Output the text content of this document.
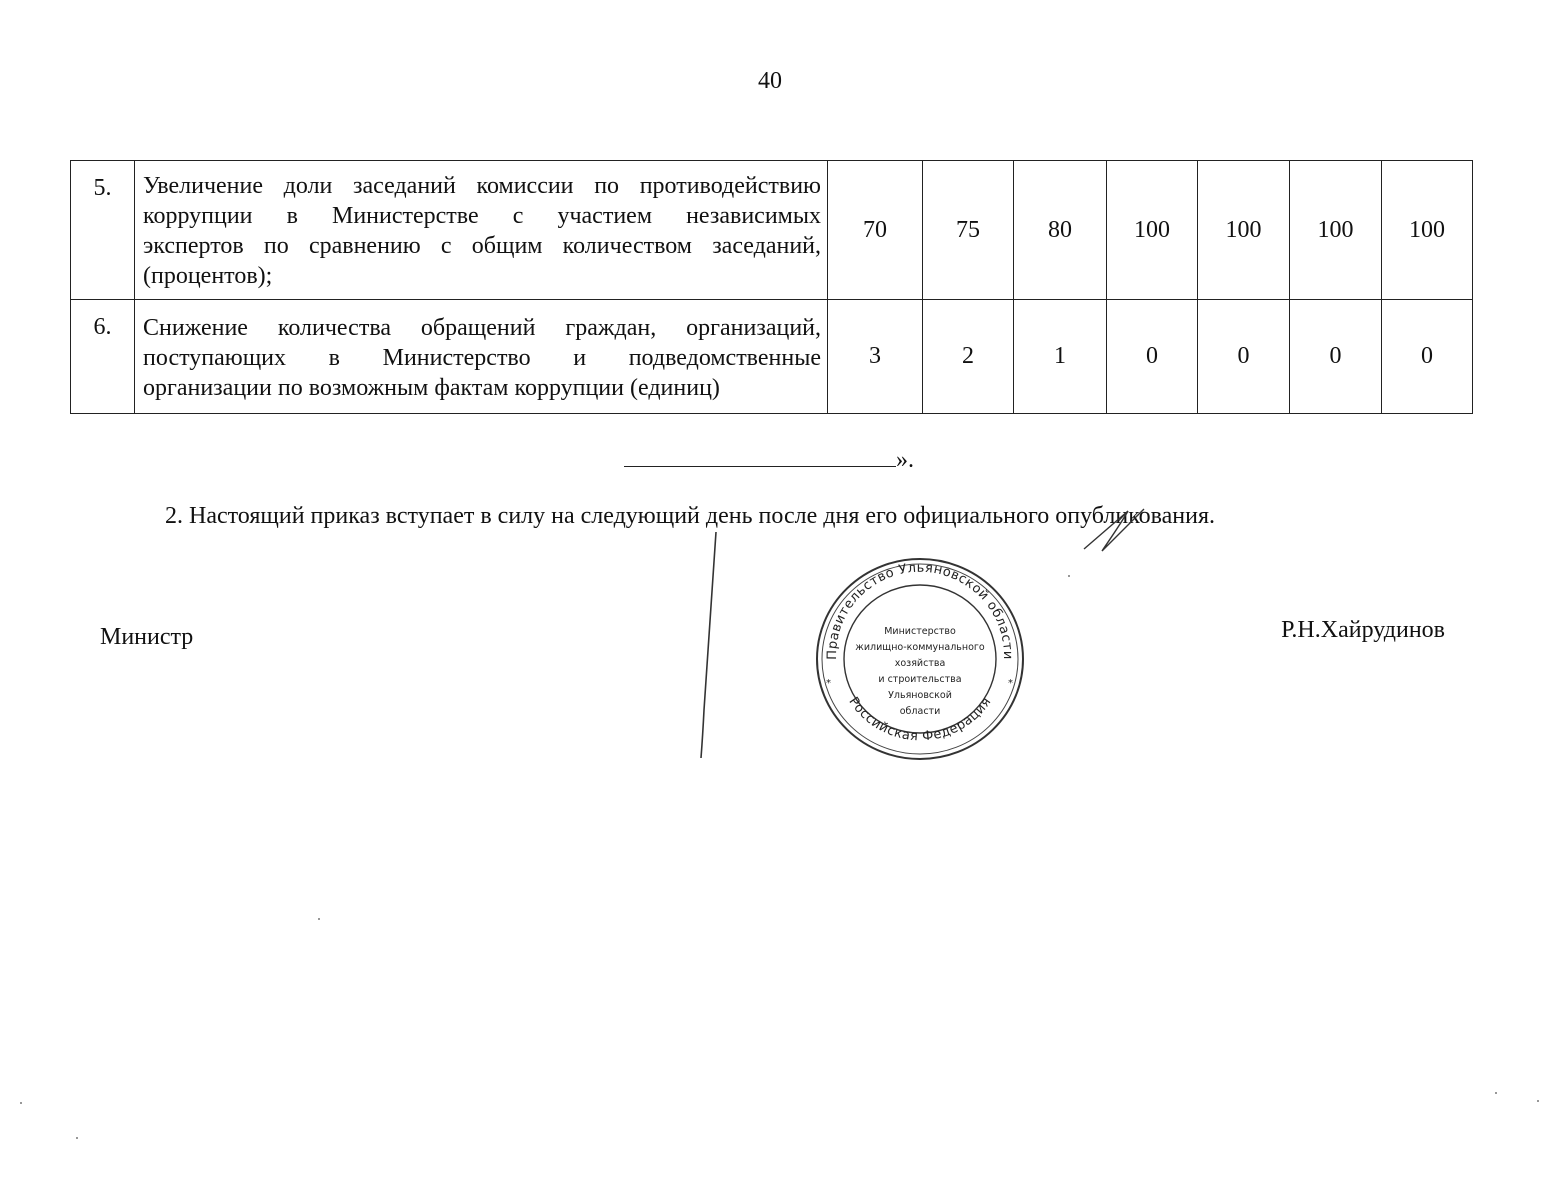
40
5.	Увеличение доли заседаний комиссии по противодействию
коррупции в Министерстве с участием независимых
экспертов по сравнению с общим количеством заседаний,
(процентов);	70	75	80	100	100	100	100
6.	Снижение количества обращений граждан, организаций,
поступающих в Министерство и подведомственные
организации по возможным фактам коррупции (единиц)	3	2	1	0	0	0	0
».
2. Настоящий приказ вступает в силу на следующий день после дня его официального опубликования.
Министр	Р.Н.Хайрудинов
Правительство Ульяновской области
Российская Федерация
*	*
Министерство
жилищно-коммунального
хозяйства
и строительства
Ульяновской
области
